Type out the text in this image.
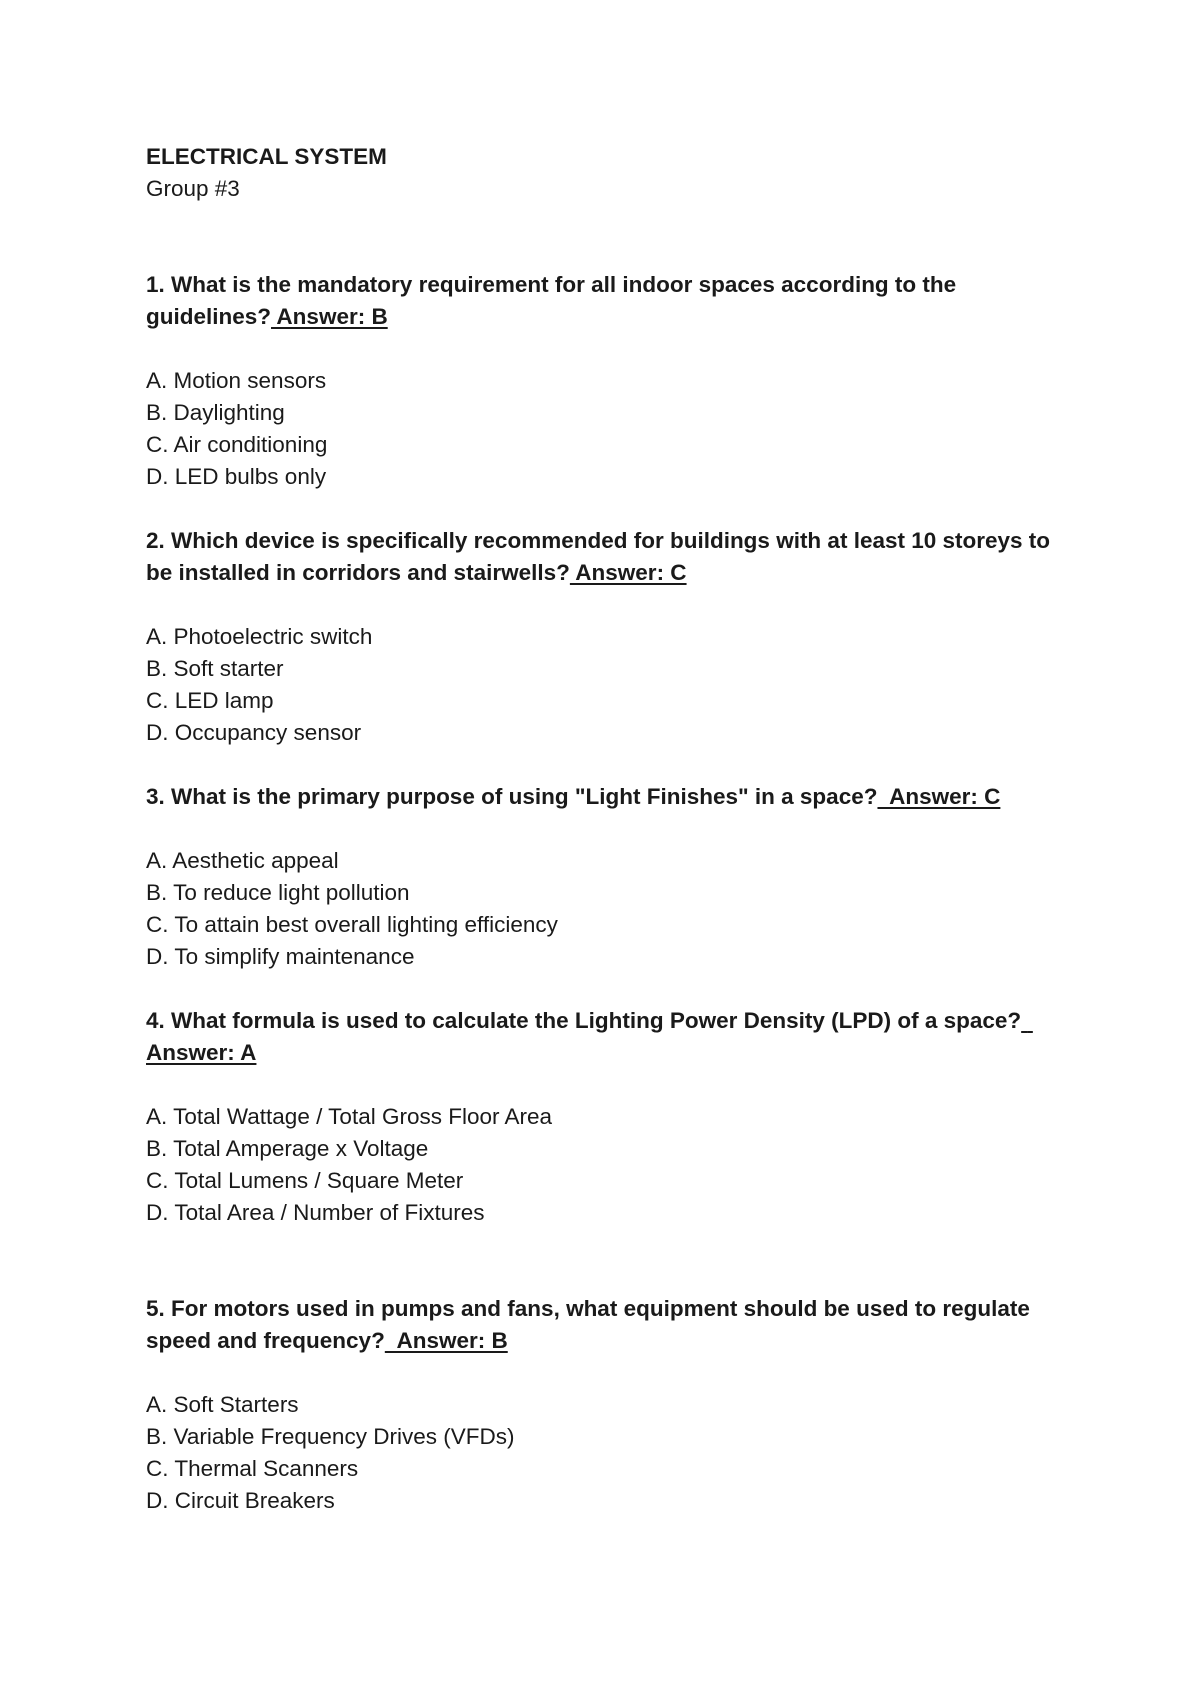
ELECTRICAL SYSTEM
Group #3
1. What is the mandatory requirement for all indoor spaces according to the guidelines? Answer: B
A. Motion sensors
B. Daylighting
C. Air conditioning
D. LED bulbs only
2. Which device is specifically recommended for buildings with at least 10 storeys to be installed in corridors and stairwells? Answer: C
A. Photoelectric switch
B. Soft starter
C. LED lamp
D. Occupancy sensor
3. What is the primary purpose of using "Light Finishes" in a space?  Answer: C
A. Aesthetic appeal
B. To reduce light pollution
C. To attain best overall lighting efficiency
D. To simplify maintenance
4. What formula is used to calculate the Lighting Power Density (LPD) of a space?  Answer: A
A. Total Wattage / Total Gross Floor Area
B. Total Amperage x Voltage
C. Total Lumens / Square Meter
D. Total Area / Number of Fixtures
5. For motors used in pumps and fans, what equipment should be used to regulate speed and frequency?  Answer: B
A. Soft Starters
B. Variable Frequency Drives (VFDs)
C. Thermal Scanners
D. Circuit Breakers
